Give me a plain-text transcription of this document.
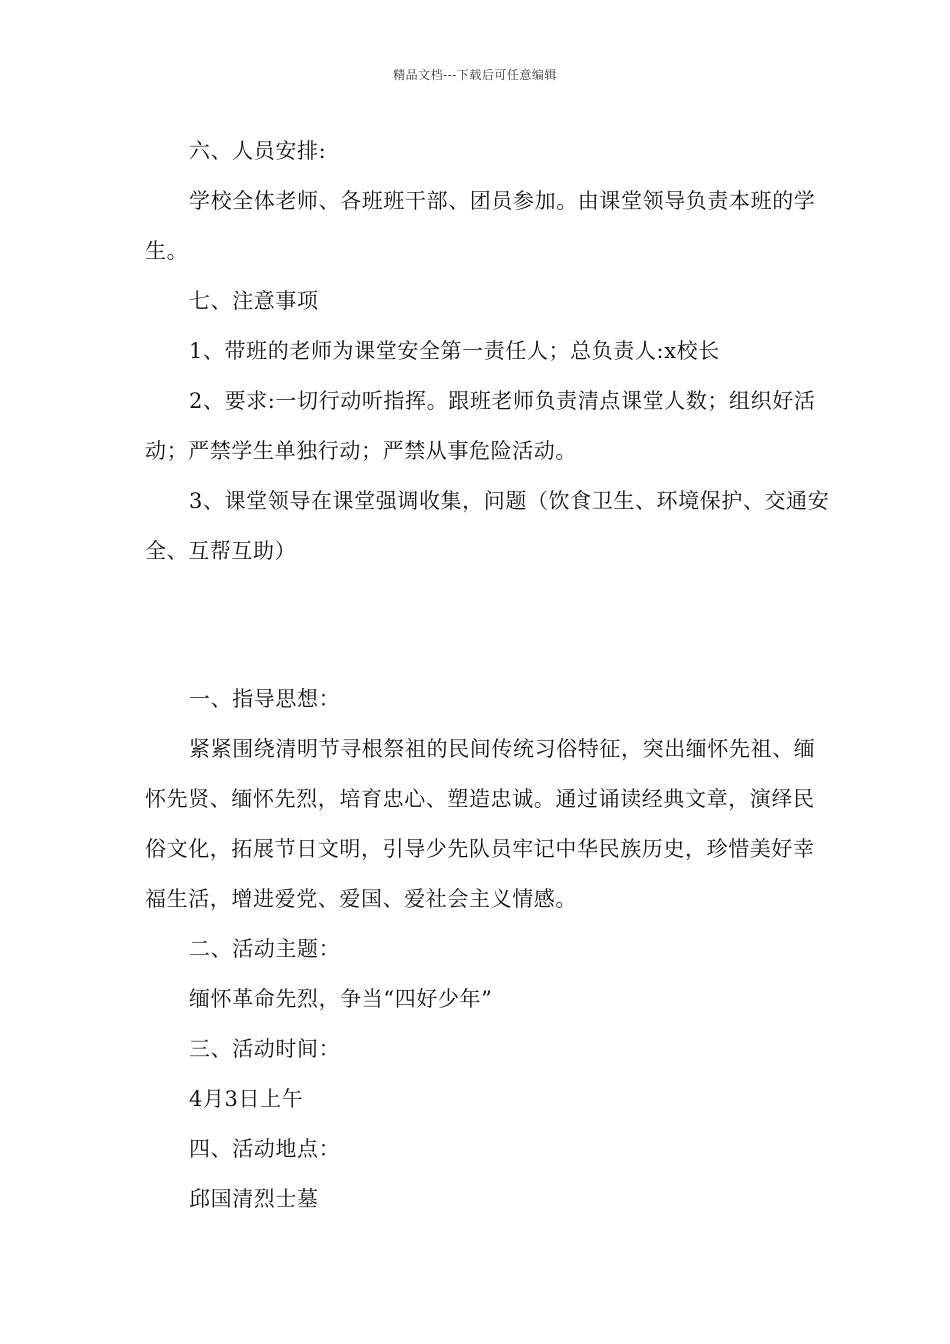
精品文档---下载后可任意编辑

六、人员安排:

学校全体老师、各班班干部、团员参加。由课堂领导负责本班的学生。

七、注意事项

1、带班的老师为课堂安全第一责任人；总负责人:x校长

2、要求:一切行动听指挥。跟班老师负责清点课堂人数；组织好活动；严禁学生单独行动；严禁从事危险活动。

3、课堂领导在课堂强调收集，问题（饮食卫生、环境保护、交通安全、互帮互助）

一、指导思想：

紧紧围绕清明节寻根祭祖的民间传统习俗特征，突出缅怀先祖、缅怀先贤、缅怀先烈，培育忠心、塑造忠诚。通过诵读经典文章，演绎民俗文化，拓展节日文明，引导少先队员牢记中华民族历史，珍惜美好幸福生活，增进爱党、爱国、爱社会主义情感。

二、活动主题：

缅怀革命先烈，争当“四好少年”

三、活动时间：

4月3日上午

四、活动地点：

邱国清烈士墓
